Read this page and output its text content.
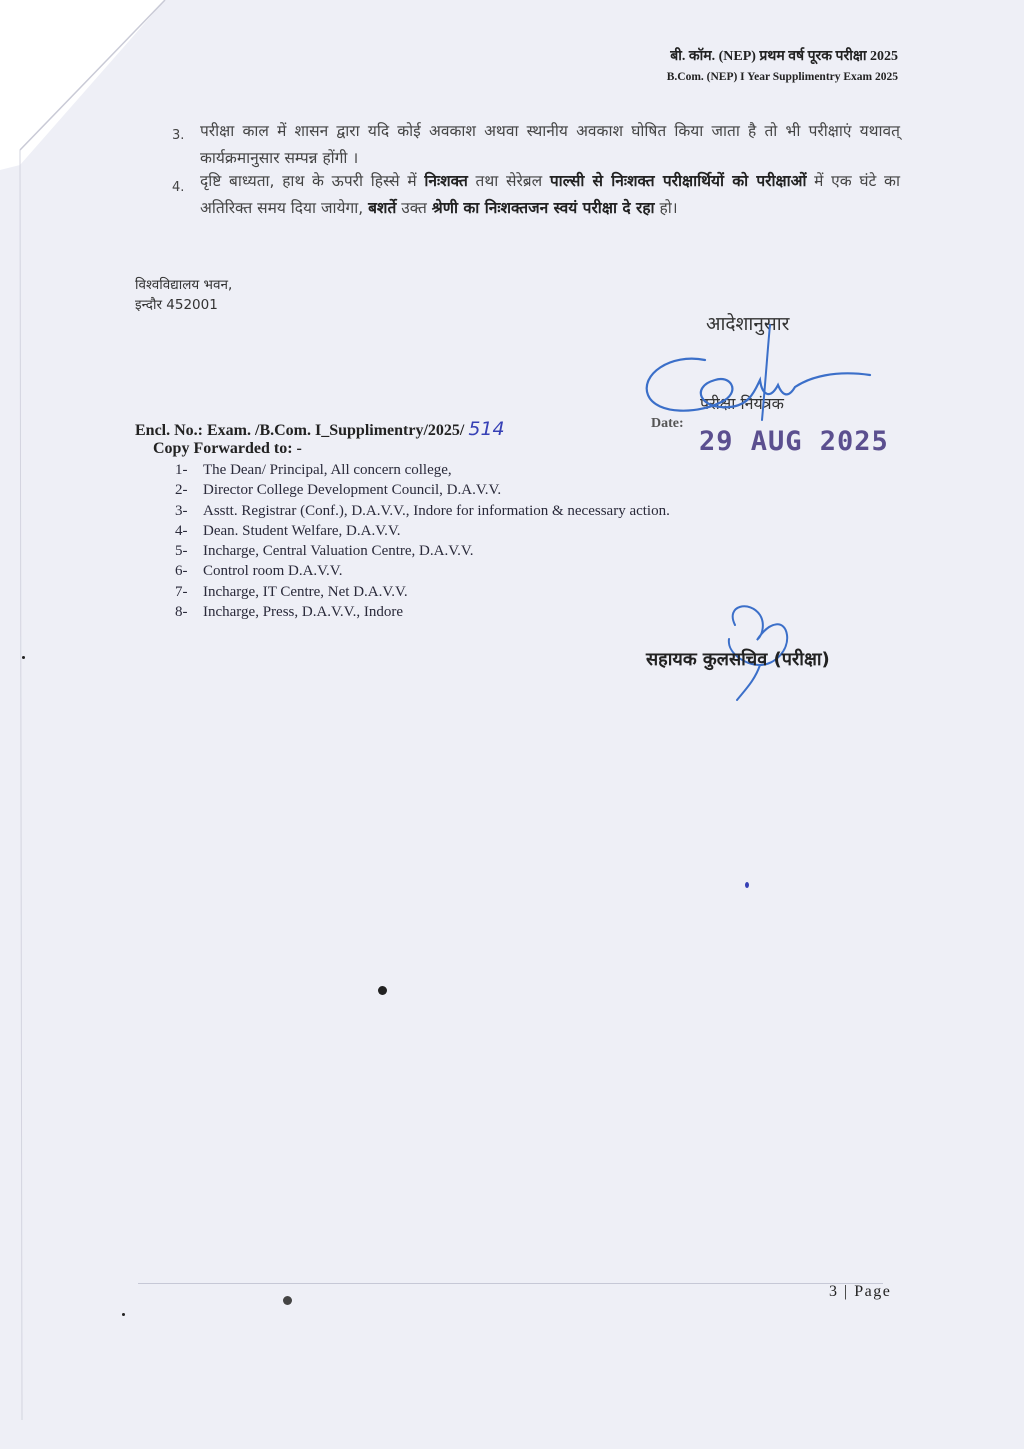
बी. कॉम. (NEP) प्रथम वर्ष पूरक परीक्षा 2025
B.Com. (NEP) I Year Supplimentry Exam 2025
3. परीक्षा काल में शासन द्वारा यदि कोई अवकाश अथवा स्थानीय अवकाश घोषित किया जाता है तो भी परीक्षाएं यथावत् कार्यक्रमानुसार सम्पन्न होंगी ।
4. दृष्टि बाध्यता, हाथ के ऊपरी हिस्से में निःशक्त तथा सेरेब्रल पाल्सी से निःशक्त परीक्षार्थियों को परीक्षाओं में एक घंटे का अतिरिक्त समय दिया जायेगा, बशर्ते उक्त श्रेणी का निःशक्तजन स्वयं परीक्षा दे रहा हो।
विश्वविद्यालय भवन,
इन्दौर 452001
आदेशानुसार
परीक्षा नियंत्रक
Date:
29 AUG 2025
Encl. No.: Exam. /B.Com. I_Supplimentry/2025/ 514
Copy Forwarded to: -
1- The Dean/ Principal, All concern college,
2- Director College Development Council, D.A.V.V.
3- Asstt. Registrar (Conf.), D.A.V.V., Indore for information & necessary action.
4- Dean. Student Welfare, D.A.V.V.
5- Incharge, Central Valuation Centre, D.A.V.V.
6- Control room D.A.V.V.
7- Incharge, IT Centre, Net D.A.V.V.
8- Incharge, Press, D.A.V.V., Indore
सहायक कुलसचिव (परीक्षा)
3 | Page
